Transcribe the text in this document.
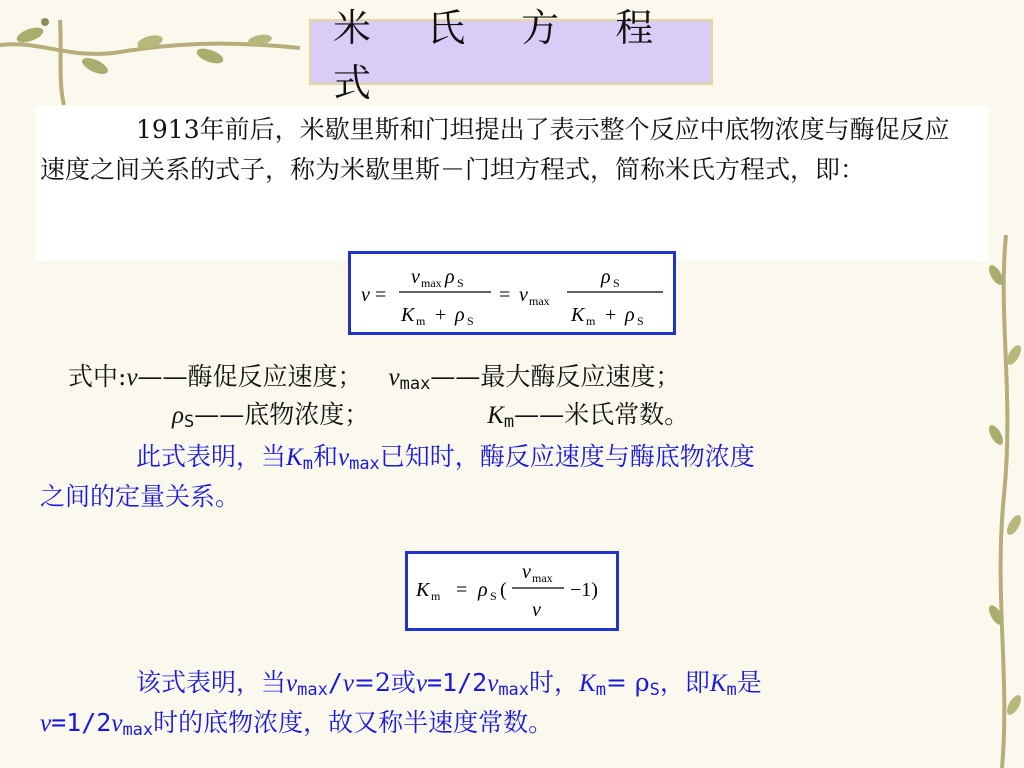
米 氏 方 程 式

1913年前后，米歇里斯和门坦提出了表示整个反应中底物浓度与酶促反应速度之间关系的式子，称为米歇里斯－门坦方程式，简称米氏方程式，即：

v =
v max ρ S
K m + ρ S
= v max
ρ S
K m + ρ S
式中:v——酶促反应速度； $v_{max}——$最大酶反应速度；
$\rho_S——$底物浓度；	$K_m——$米氏常数。
此式表明，当$K_m$和$v_{max}$已知时，酶反应速度与酶底物浓度
之间的定量关系。
K m = ρ S (
v max
v
−1)
该式表明，当$v_{max}/v=2$或$v=1/2v_{max}$时，$K_m= \rho_S$，即$K_m$是
$v=1/2v_{max}$时的底物浓度，故又称半速度常数。
